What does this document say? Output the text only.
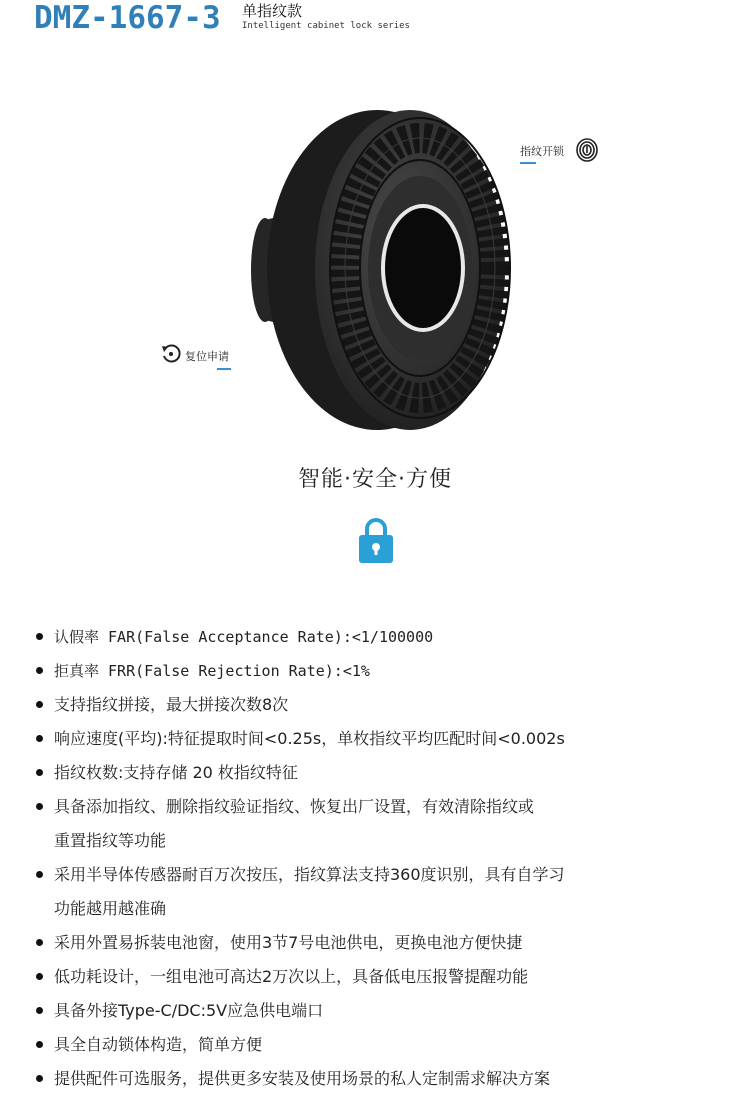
DMZ-1667-3 单指纹款
Intelligent cabinet lock series
指纹开锁
复位申请
智能·安全·方便
认假率 FAR(False Acceptance Rate):<1/100000
拒真率 FRR(False Rejection Rate):<1%
支持指纹拼接，最大拼接次数8次
响应速度(平均):特征提取时间<0.25s，单枚指纹平均匹配时间<0.002s
指纹枚数:支持存储 20 枚指纹特征
具备添加指纹、删除指纹验证指纹、恢复出厂设置，有效清除指纹或
重置指纹等功能
采用半导体传感器耐百万次按压，指纹算法支持360度识别，具有自学习
功能越用越准确
采用外置易拆装电池窗，使用3节7号电池供电，更换电池方便快捷
低功耗设计，一组电池可高达2万次以上，具备低电压报警提醒功能
具备外接Type-C/DC:5V应急供电端口
具全自动锁体构造，简单方便
提供配件可选服务，提供更多安装及使用场景的私人定制需求解决方案
